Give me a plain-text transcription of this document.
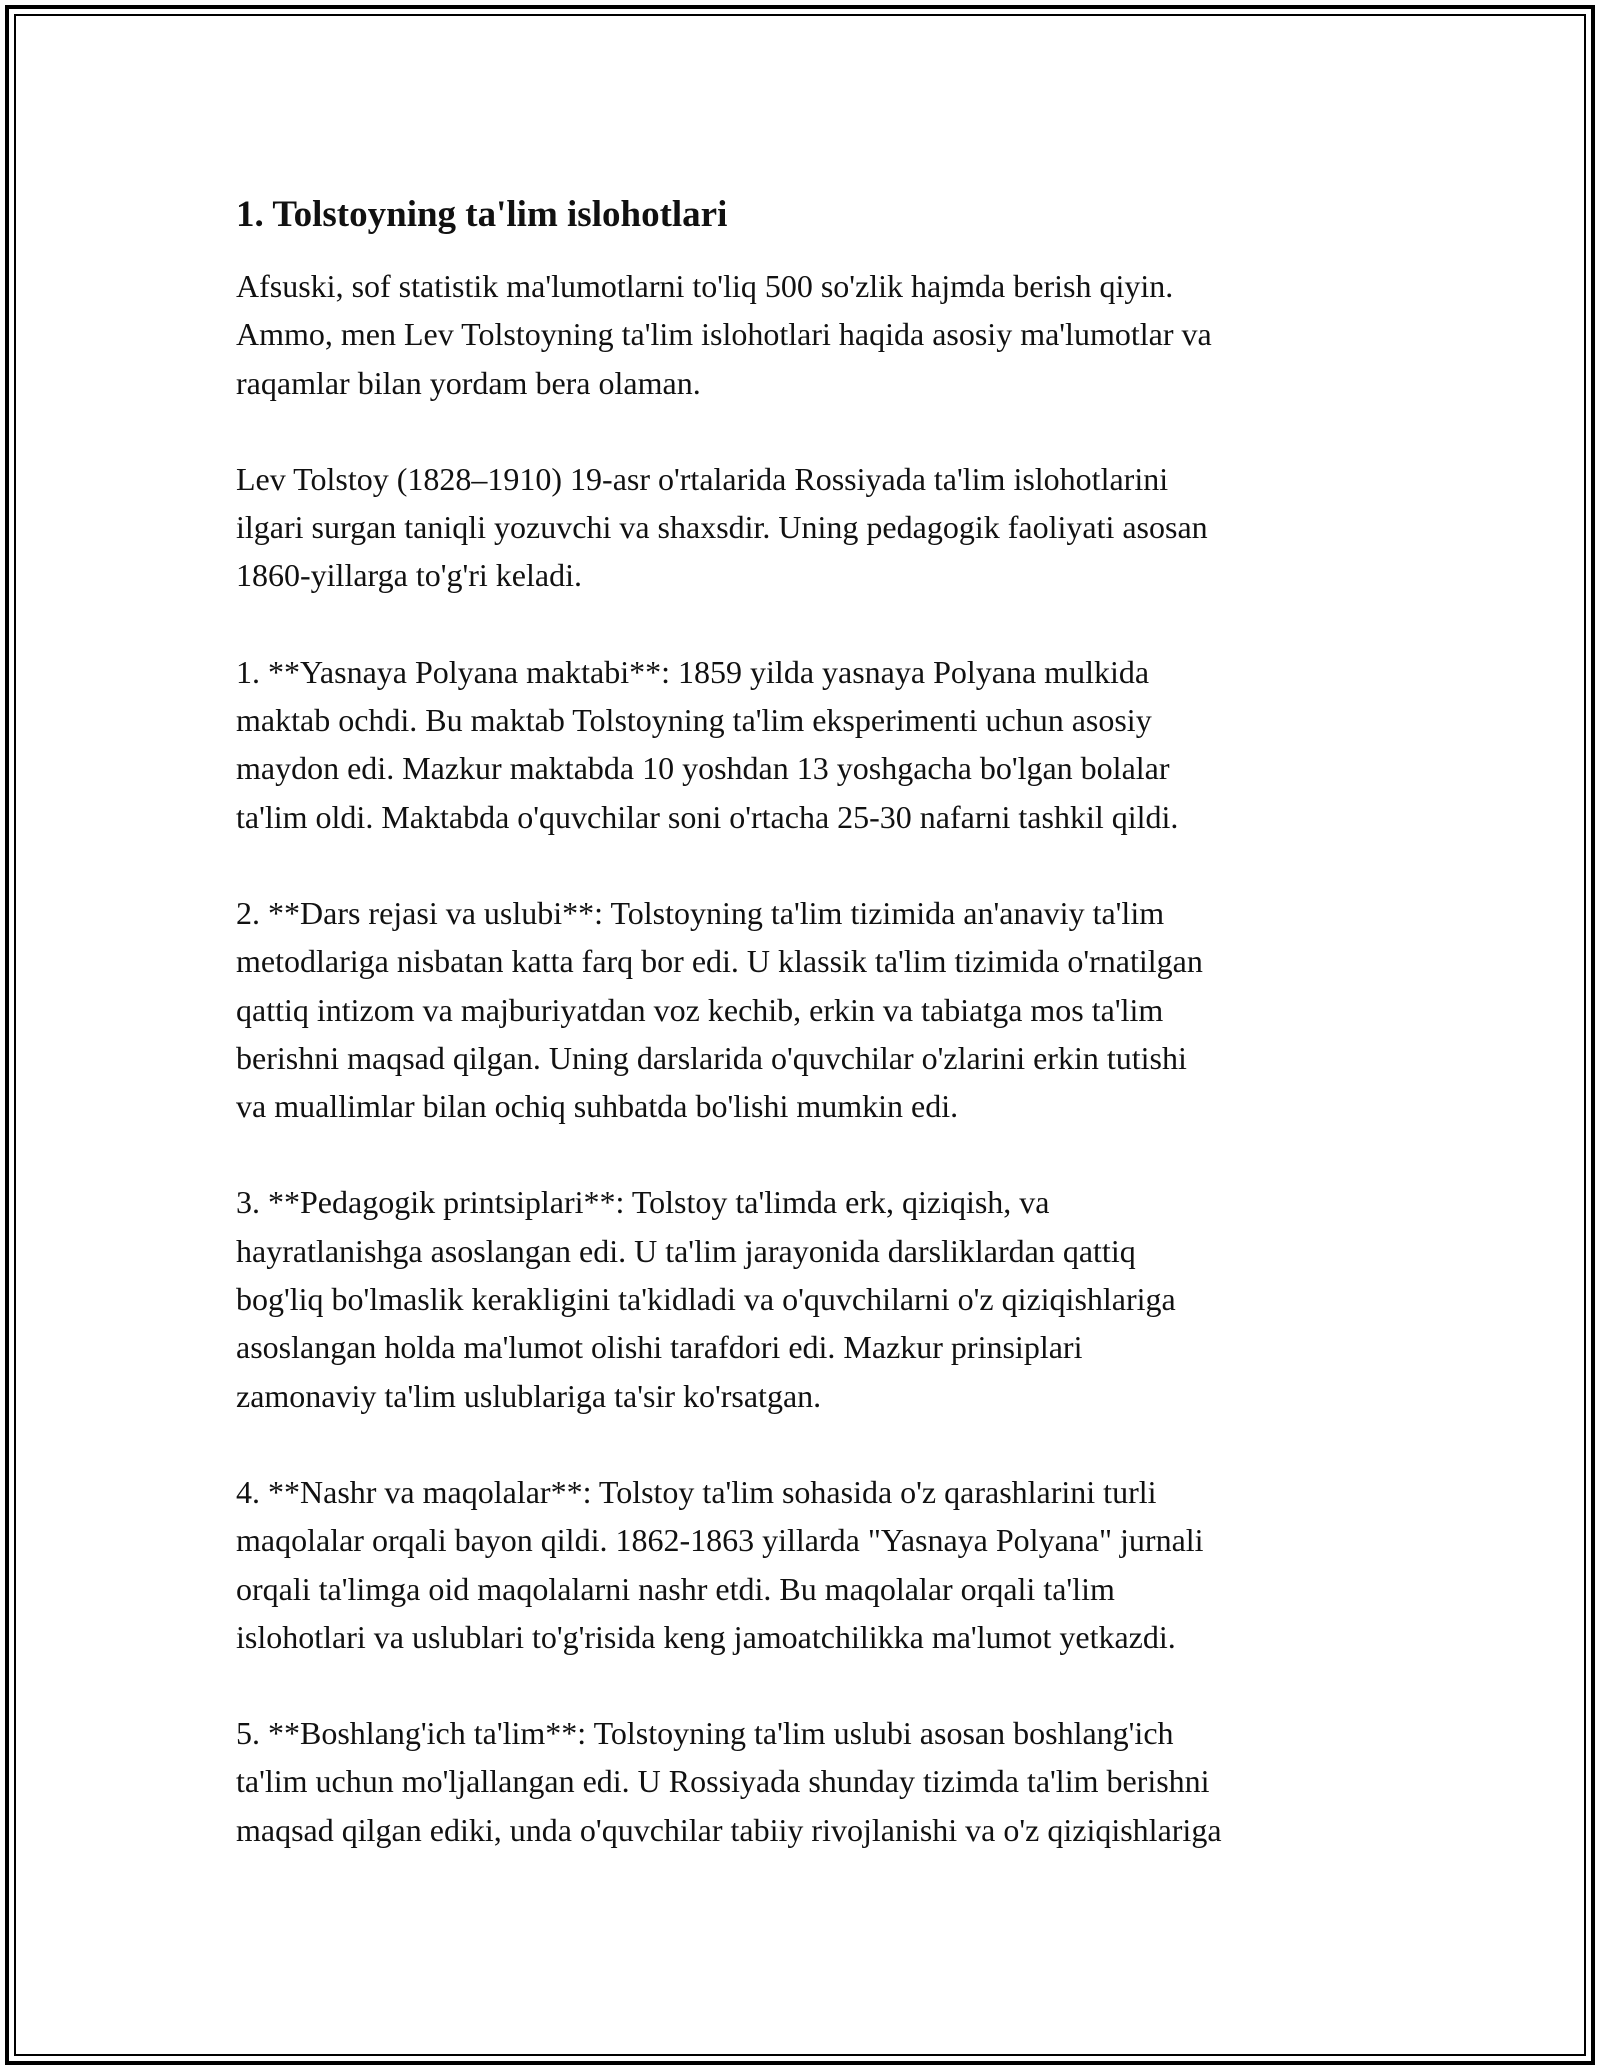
1. Tolstoyning ta'lim islohotlari

Afsuski, sof statistik ma'lumotlarni to'liq 500 so'zlik hajmda berish qiyin.
Ammo, men Lev Tolstoyning ta'lim islohotlari haqida asosiy ma'lumotlar va
raqamlar bilan yordam bera olaman.

Lev Tolstoy (1828–1910) 19-asr o'rtalarida Rossiyada ta'lim islohotlarini
ilgari surgan taniqli yozuvchi va shaxsdir. Uning pedagogik faoliyati asosan
1860-yillarga to'g'ri keladi.

1. **Yasnaya Polyana maktabi**: 1859 yilda yasnaya Polyana mulkida
maktab ochdi. Bu maktab Tolstoyning ta'lim eksperimenti uchun asosiy
maydon edi. Mazkur maktabda 10 yoshdan 13 yoshgacha bo'lgan bolalar
ta'lim oldi. Maktabda o'quvchilar soni o'rtacha 25-30 nafarni tashkil qildi.

2. **Dars rejasi va uslubi**: Tolstoyning ta'lim tizimida an'anaviy ta'lim
metodlariga nisbatan katta farq bor edi. U klassik ta'lim tizimida o'rnatilgan
qattiq intizom va majburiyatdan voz kechib, erkin va tabiatga mos ta'lim
berishni maqsad qilgan. Uning darslarida o'quvchilar o'zlarini erkin tutishi
va muallimlar bilan ochiq suhbatda bo'lishi mumkin edi.

3. **Pedagogik printsiplari**: Tolstoy ta'limda erk, qiziqish, va
hayratlanishga asoslangan edi. U ta'lim jarayonida darsliklardan qattiq
bog'liq bo'lmaslik kerakligini ta'kidladi va o'quvchilarni o'z qiziqishlariga
asoslangan holda ma'lumot olishi tarafdori edi. Mazkur prinsiplari
zamonaviy ta'lim uslublariga ta'sir ko'rsatgan.

4. **Nashr va maqolalar**: Tolstoy ta'lim sohasida o'z qarashlarini turli
maqolalar orqali bayon qildi. 1862-1863 yillarda "Yasnaya Polyana" jurnali
orqali ta'limga oid maqolalarni nashr etdi. Bu maqolalar orqali ta'lim
islohotlari va uslublari to'g'risida keng jamoatchilikka ma'lumot yetkazdi.

5. **Boshlang'ich ta'lim**: Tolstoyning ta'lim uslubi asosan boshlang'ich
ta'lim uchun mo'ljallangan edi. U Rossiyada shunday tizimda ta'lim berishni
maqsad qilgan ediki, unda o'quvchilar tabiiy rivojlanishi va o'z qiziqishlariga
